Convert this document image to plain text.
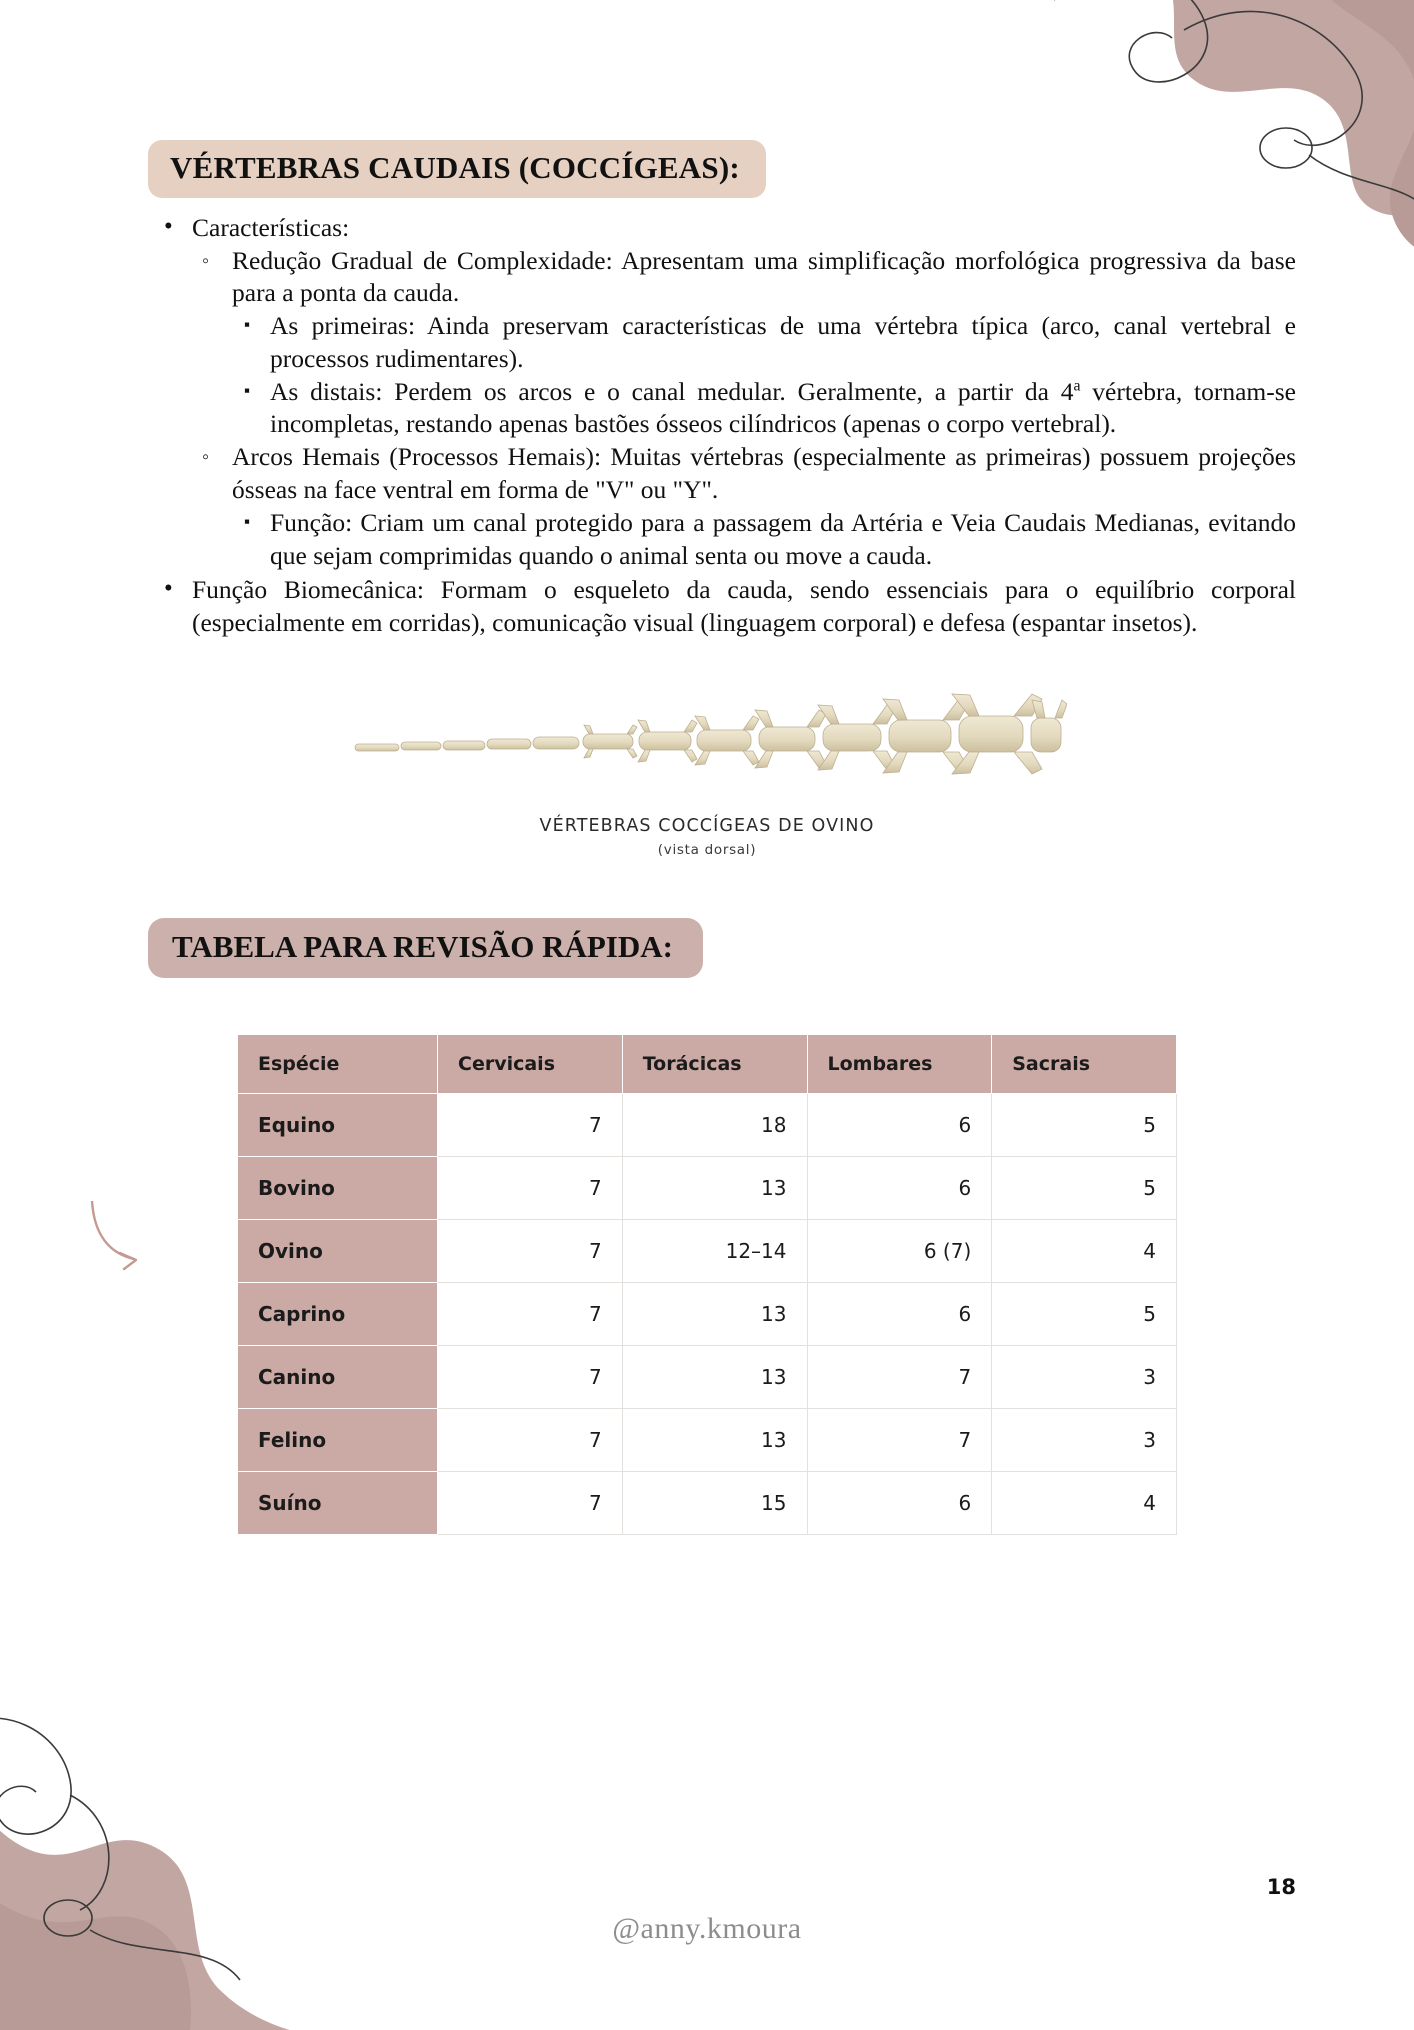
VÉRTEBRAS CAUDAIS (COCCÍGEAS):
• Características:
◦ Redução Gradual de Complexidade: Apresentam uma simplificação morfológica progressiva da base para a ponta da cauda.
▪ As primeiras: Ainda preservam características de uma vértebra típica (arco, canal vertebral e processos rudimentares).
▪ As distais: Perdem os arcos e o canal medular. Geralmente, a partir da 4$^a$ vértebra, tornam-se incompletas, restando apenas bastões ósseos cilíndricos (apenas o corpo vertebral).
◦ Arcos Hemais (Processos Hemais): Muitas vértebras (especialmente as primeiras) possuem projeções ósseas na face ventral em forma de "V" ou "Y".
▪ Função: Criam um canal protegido para a passagem da Artéria e Veia Caudais Medianas, evitando que sejam comprimidas quando o animal senta ou move a cauda.
• Função Biomecânica: Formam o esqueleto da cauda, sendo essenciais para o equilíbrio corporal (especialmente em corridas), comunicação visual (linguagem corporal) e defesa (espantar insetos).
VÉRTEBRAS COCCÍGEAS DE OVINO
(vista dorsal)
TABELA PARA REVISÃO RÁPIDA:
Espécie	Cervicais	Torácicas	Lombares	Sacrais
Equino	7	18	6	5
Bovino	7	13	6	5
Ovino	7	12–14	6 (7)	4
Caprino	7	13	6	5
Canino	7	13	7	3
Felino	7	13	7	3
Suíno	7	15	6	4
18
@anny.kmoura
